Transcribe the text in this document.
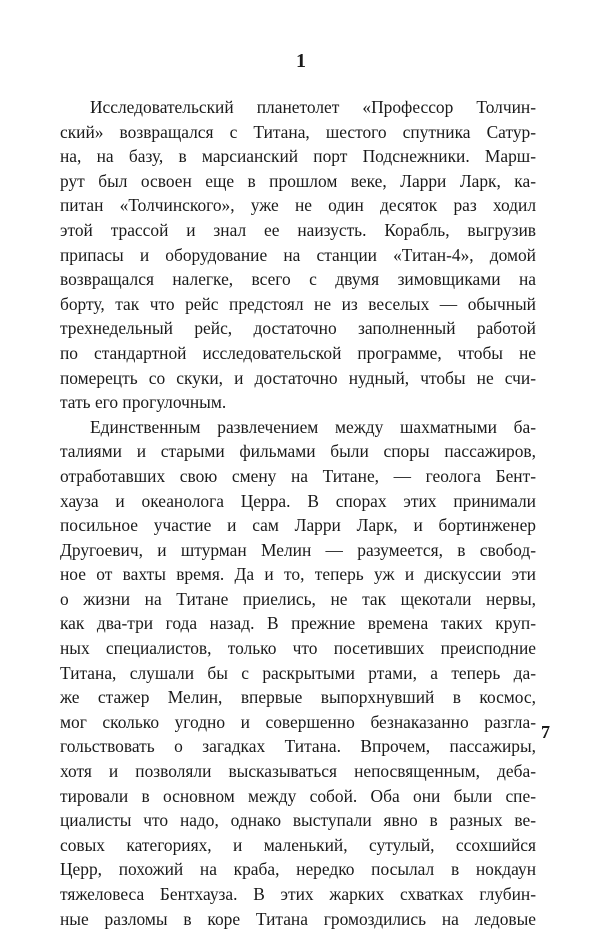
1
Исследовательский планетолет «Профессор Толчин-
ский» возвращался с Титана, шестого спутника Сатур-
на, на базу, в марсианский порт Подснежники. Марш-
рут был освоен еще в прошлом веке, Ларри Ларк, ка-
питан «Толчинского», уже не один десяток раз ходил
этой трассой и знал ее наизусть. Корабль, выгрузив
припасы и оборудование на станции «Титан-4», домой
возвращался налегке, всего с двумя зимовщиками на
борту, так что рейс предстоял не из веселых — обычный
трехнедельный рейс, достаточно заполненный работой
по стандартной исследовательской программе, чтобы не
померецть со скуки, и достаточно нудный, чтобы не счи-
тать его прогулочным.
Единственным развлечением между шахматными ба-
талиями и старыми фильмами были споры пассажиров,
отработавших свою смену на Титане, — геолога Бент-
хауза и океанолога Церра. В спорах этих принимали
посильное участие и сам Ларри Ларк, и бортинженер
Другоевич, и штурман Мелин — разумеется, в свобод-
ное от вахты время. Да и то, теперь уж и дискуссии эти
о жизни на Титане приелись, не так щекотали нервы,
как два-три года назад. В прежние времена таких круп-
ных специалистов, только что посетивших преисподние
Титана, слушали бы с раскрытыми ртами, а теперь да-
же стажер Мелин, впервые выпорхнувший в космос,
мог сколько угодно и совершенно безнаказанно разгла-
гольствовать о загадках Титана. Впрочем, пассажиры,
хотя и позволяли высказываться непосвященным, деба-
тировали в основном между собой. Оба они были спе-
циалисты что надо, однако выступали явно в разных ве-
совых категориях, и маленький, сутулый, ссохшийся
Церр, похожий на краба, нередко посылал в нокдаун
тяжеловеса Бентхауза. В этих жарких схватках глубин-
ные разломы в коре Титана громоздились на ледовые
7
